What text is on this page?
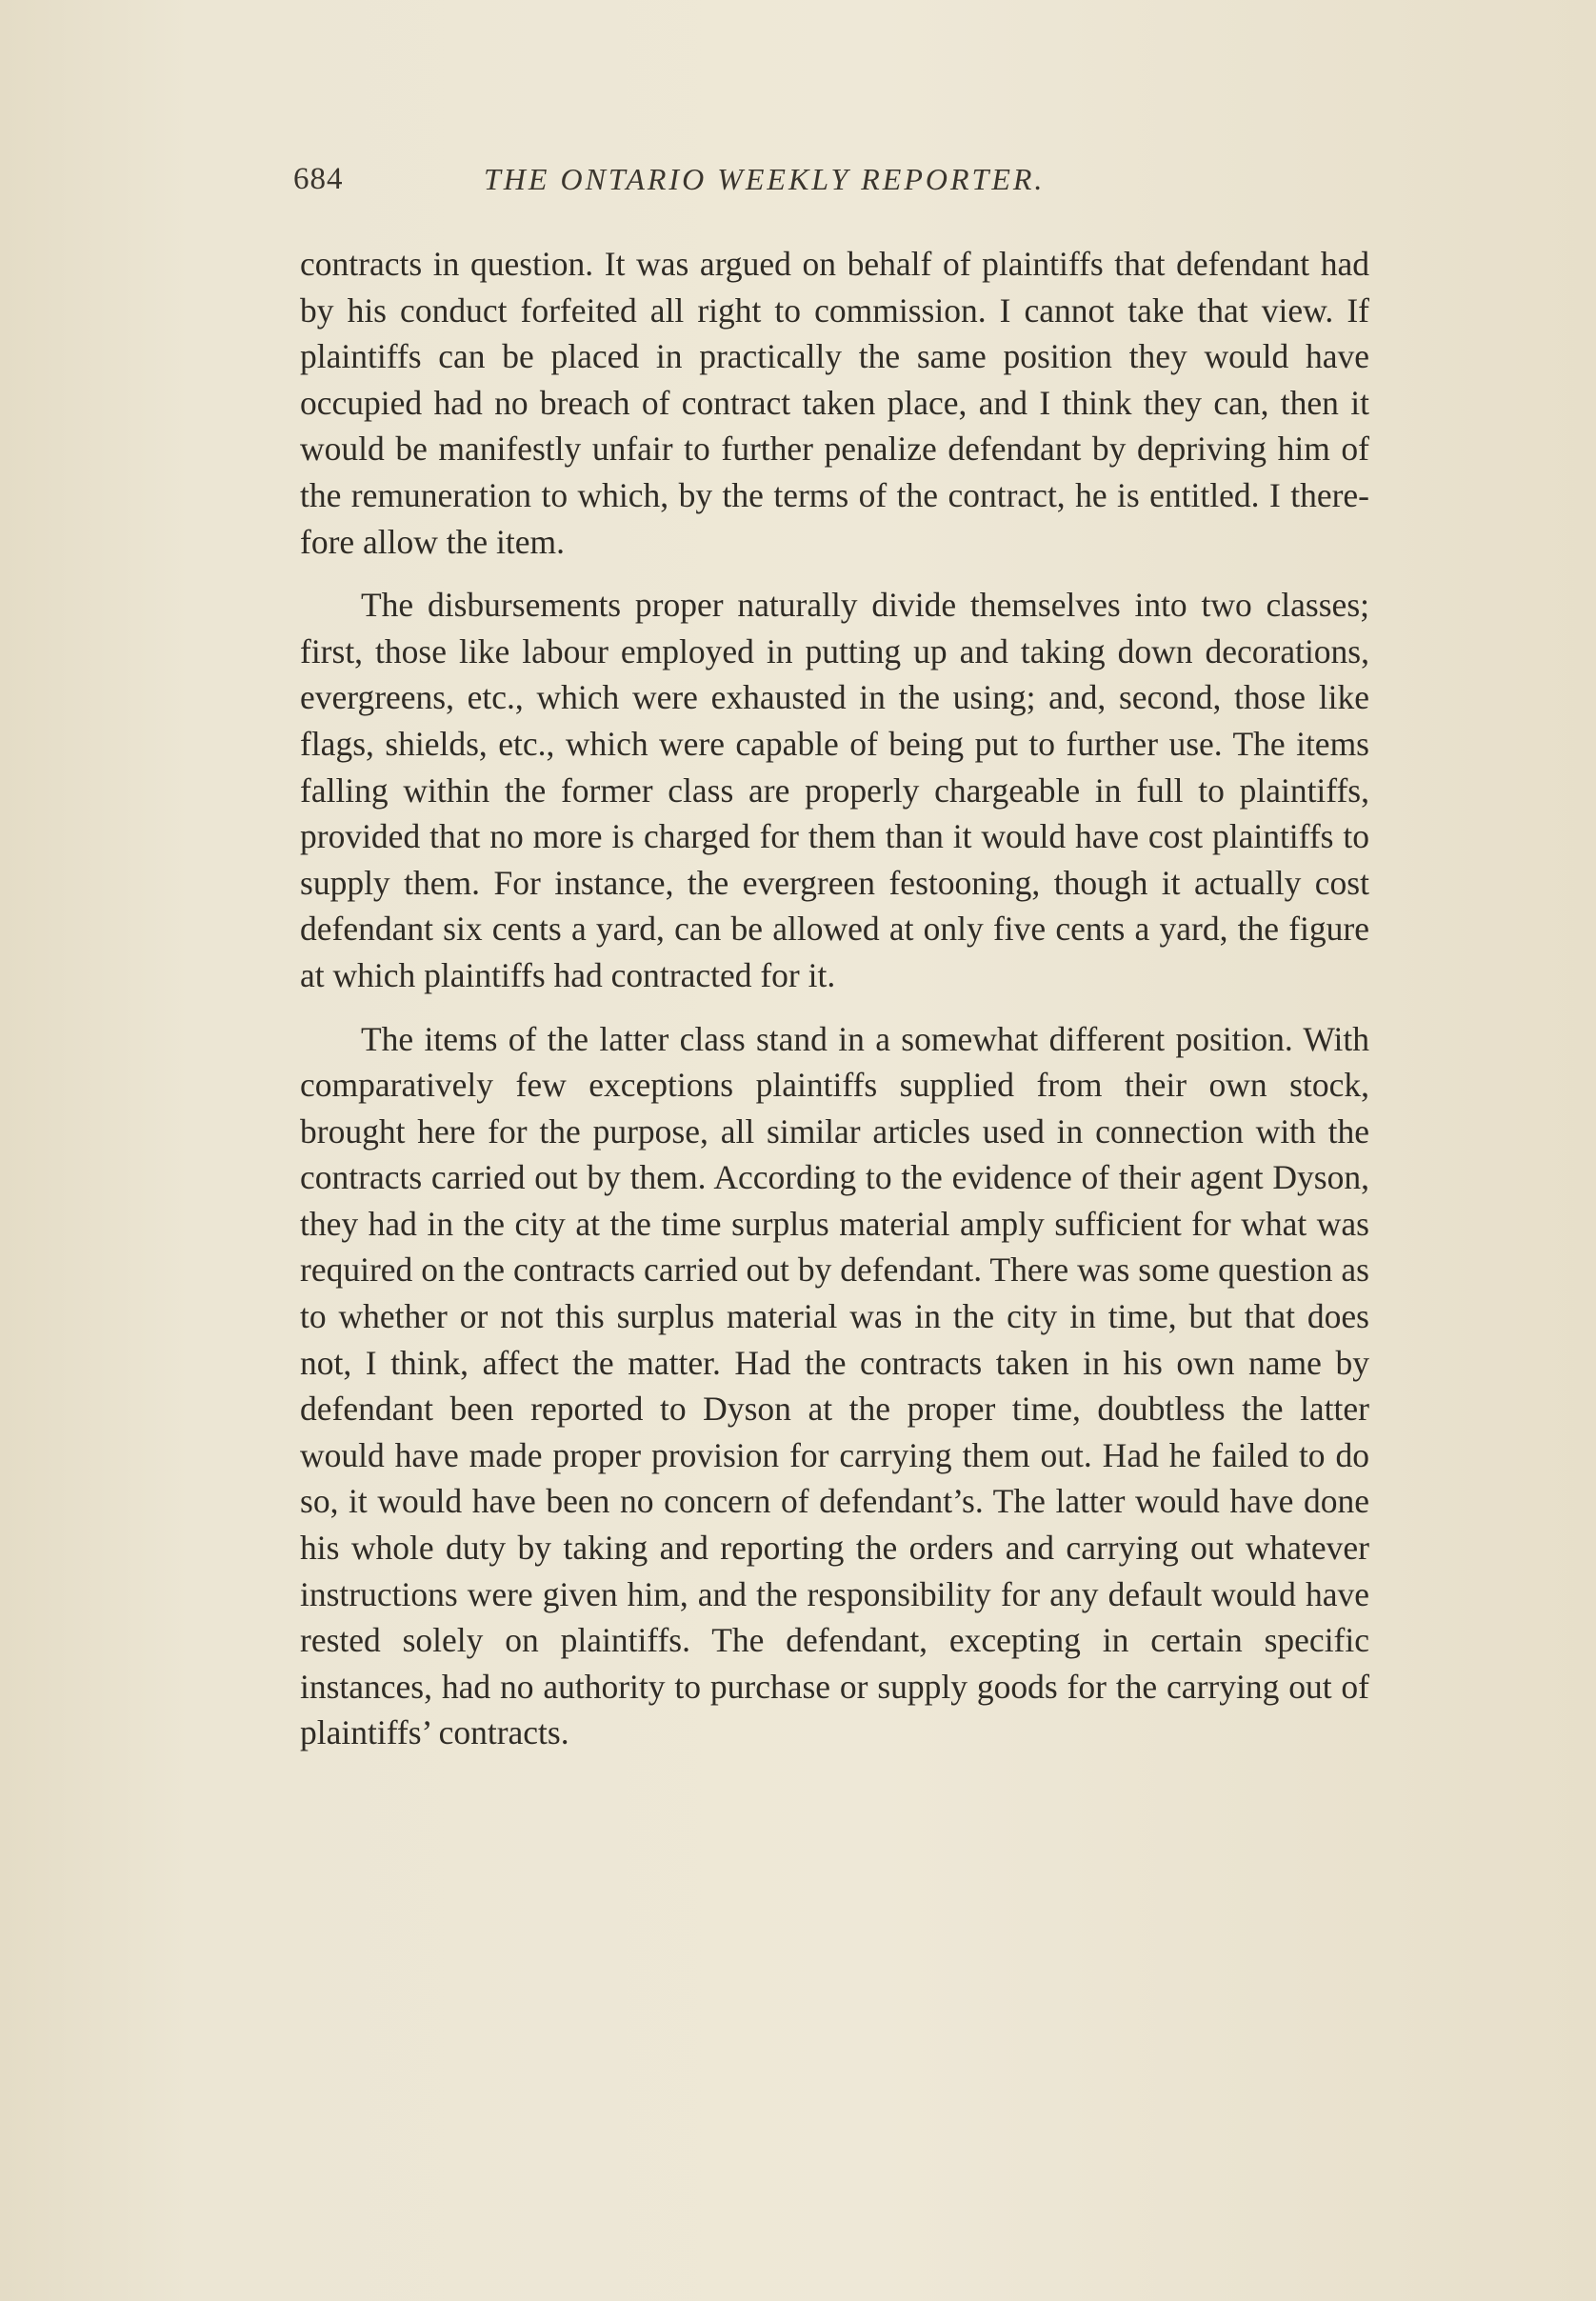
684	THE ONTARIO WEEKLY REPORTER.

contracts in question. It was argued on behalf of plaintiffs that defendant had by his conduct forfeited all right to commission. I cannot take that view. If plaintiffs can be placed in practically the same position they would have occupied had no breach of contract taken place, and I think they can, then it would be manifestly unfair to further penalize defendant by depriving him of the remuneration to which, by the terms of the contract, he is entitled. I therefore allow the item.

The disbursements proper naturally divide themselves into two classes; first, those like labour employed in putting up and taking down decorations, evergreens, etc., which were exhausted in the using; and, second, those like flags, shields, etc., which were capable of being put to further use. The items falling within the former class are properly chargeable in full to plaintiffs, provided that no more is charged for them than it would have cost plaintiffs to supply them. For instance, the evergreen festooning, though it actually cost defendant six cents a yard, can be allowed at only five cents a yard, the figure at which plaintiffs had contracted for it.

The items of the latter class stand in a somewhat different position. With comparatively few exceptions plaintiffs supplied from their own stock, brought here for the purpose, all similar articles used in connection with the contracts carried out by them. According to the evidence of their agent Dyson, they had in the city at the time surplus material amply sufficient for what was required on the contracts carried out by defendant. There was some question as to whether or not this surplus material was in the city in time, but that does not, I think, affect the matter. Had the contracts taken in his own name by defendant been reported to Dyson at the proper time, doubtless the latter would have made proper provision for carrying them out. Had he failed to do so, it would have been no concern of defendant’s. The latter would have done his whole duty by taking and reporting the orders and carrying out whatever instructions were given him, and the responsibility for any default would have rested solely on plaintiffs. The defendant, excepting in certain specific instances, had no authority to purchase or supply goods for the carrying out of plaintiffs’ contracts.
